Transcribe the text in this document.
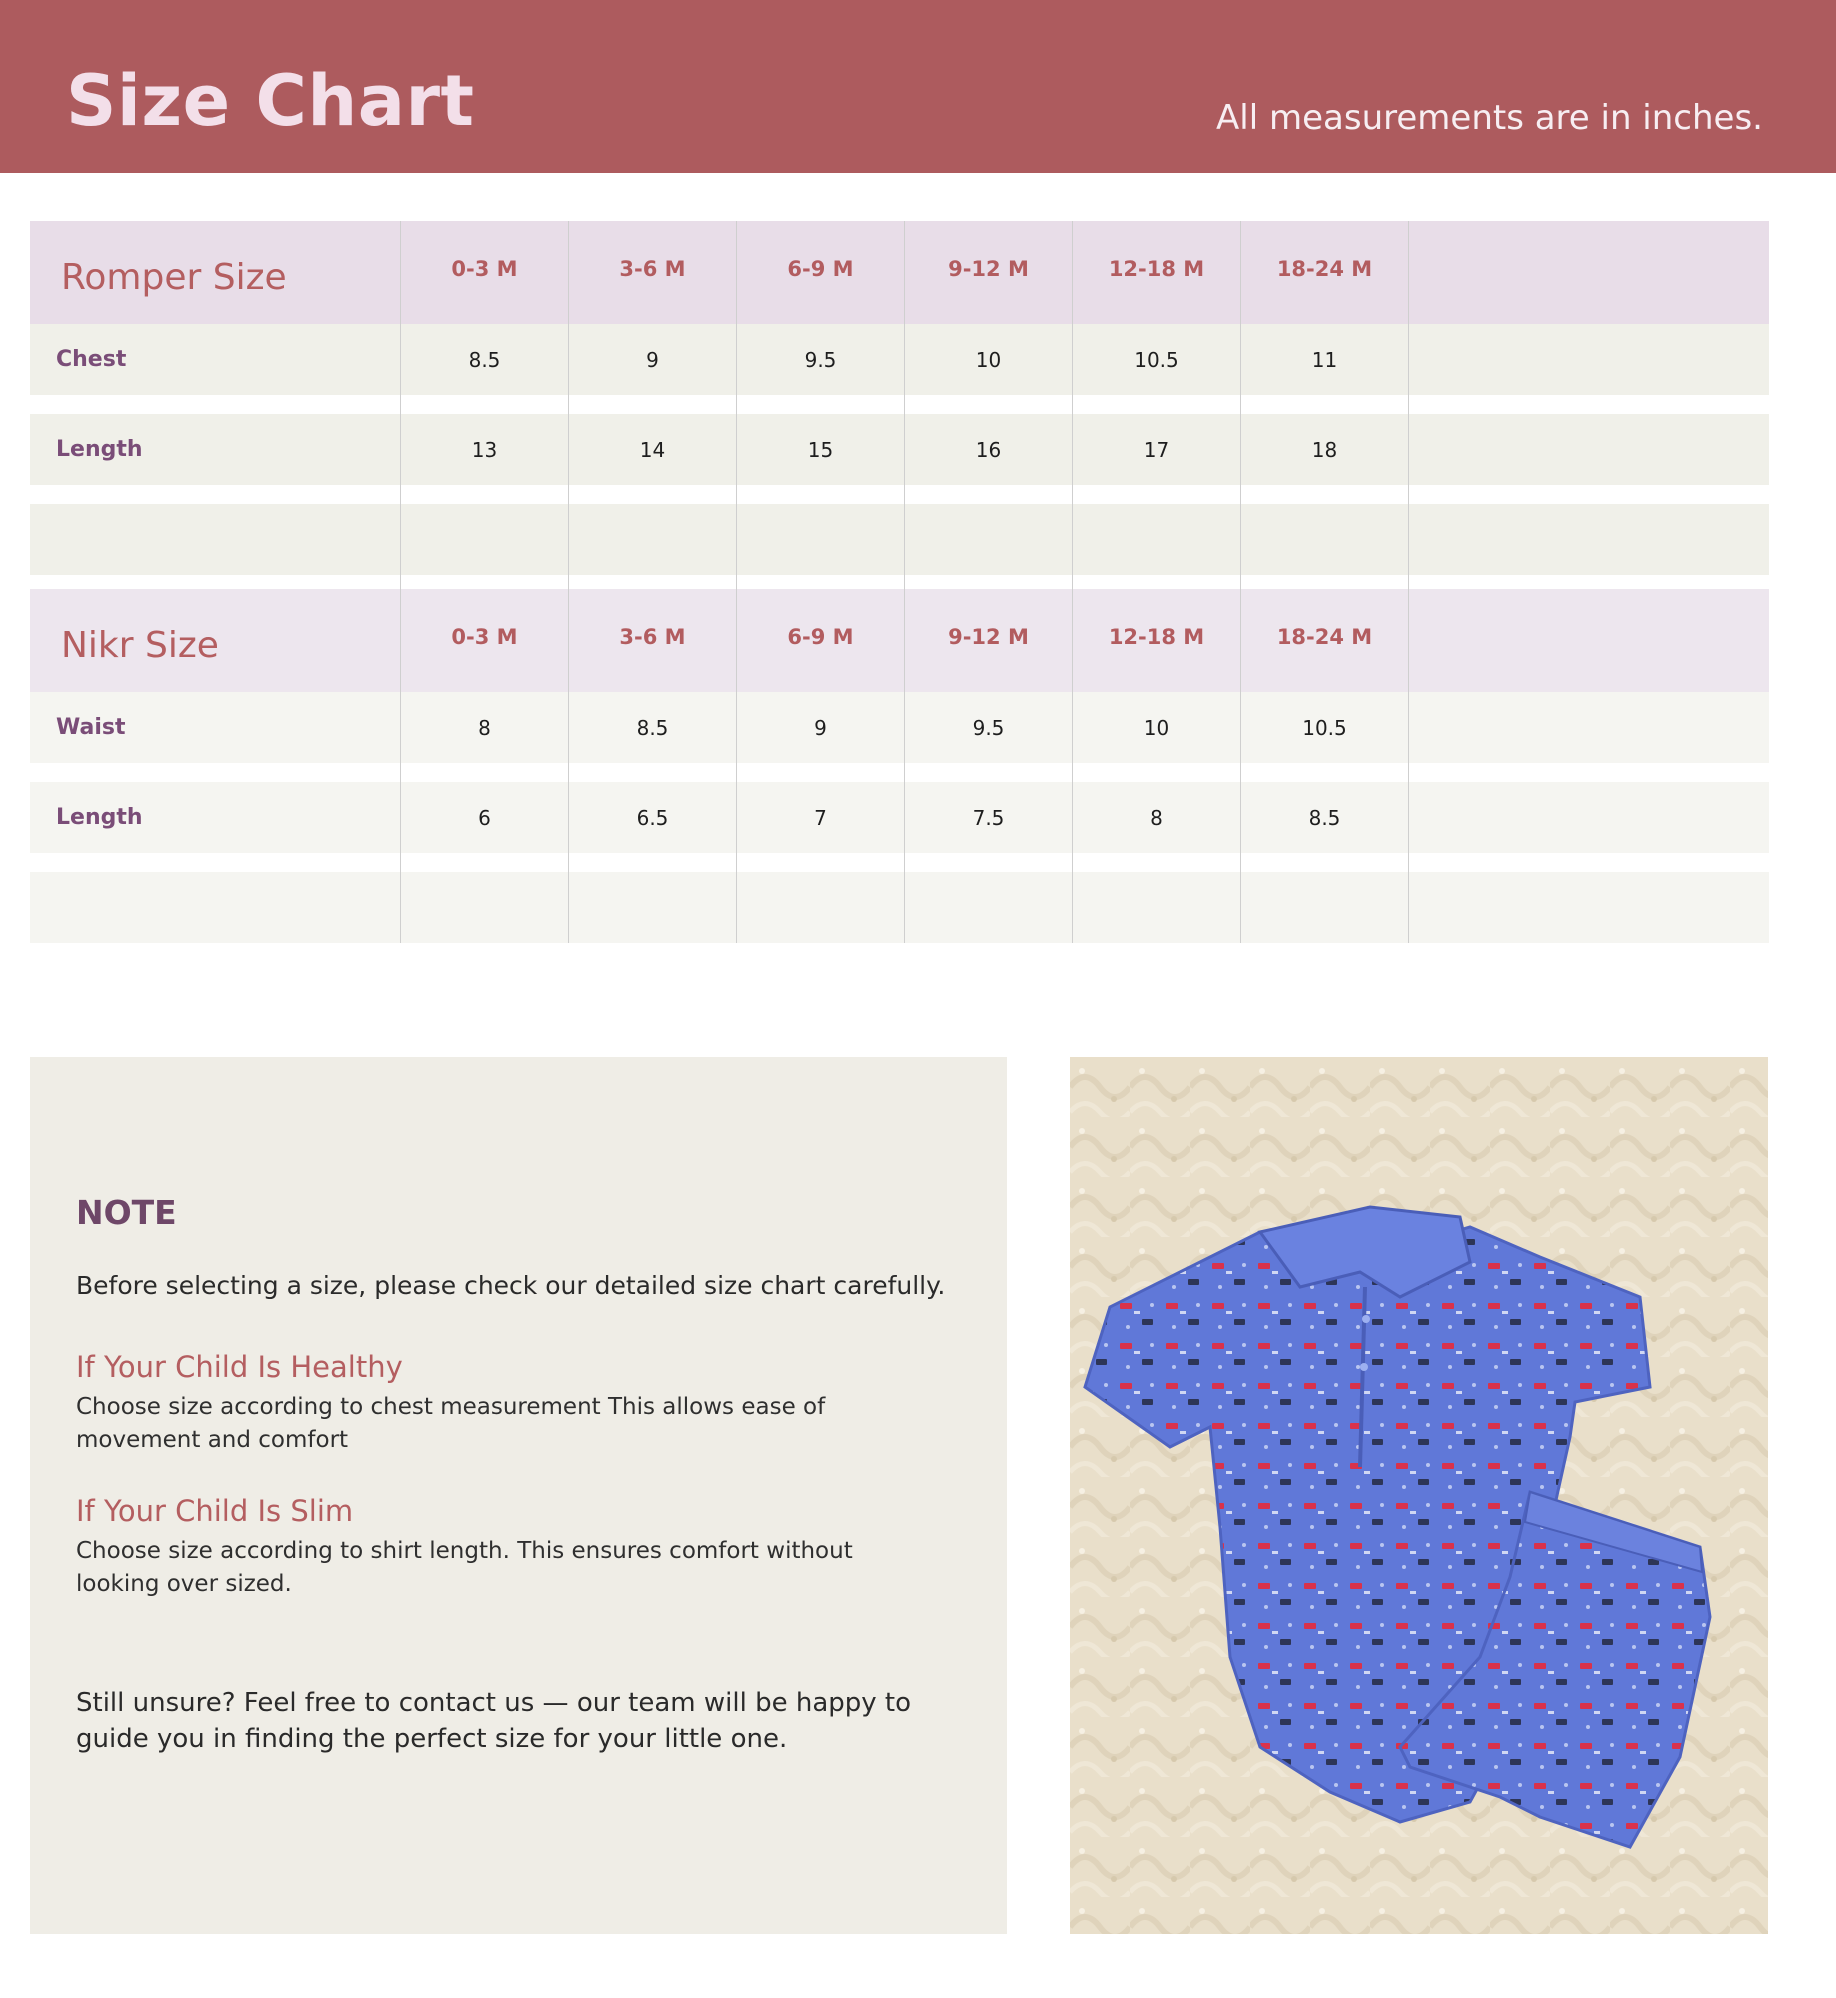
Size Chart	All measurements are in inches.
Romper Size	0-3 M	3-6 M	6-9 M	9-12 M	12-18 M	18-24 M
Chest	8.5	9	9.5	10	10.5	11
Length	13	14	15	16	17	18
Nikr Size	0-3 M	3-6 M	6-9 M	9-12 M	12-18 M	18-24 M
Waist	8	8.5	9	9.5	10	10.5
Length	6	6.5	7	7.5	8	8.5
NOTE
Before selecting a size, please check our detailed size chart carefully.
If Your Child Is Healthy
Choose size according to chest measurement This allows ease of movement and comfort
If Your Child Is Slim
Choose size according to shirt length. This ensures comfort without looking over sized.
Still unsure? Feel free to contact us — our team will be happy to guide you in finding the perfect size for your little one.
